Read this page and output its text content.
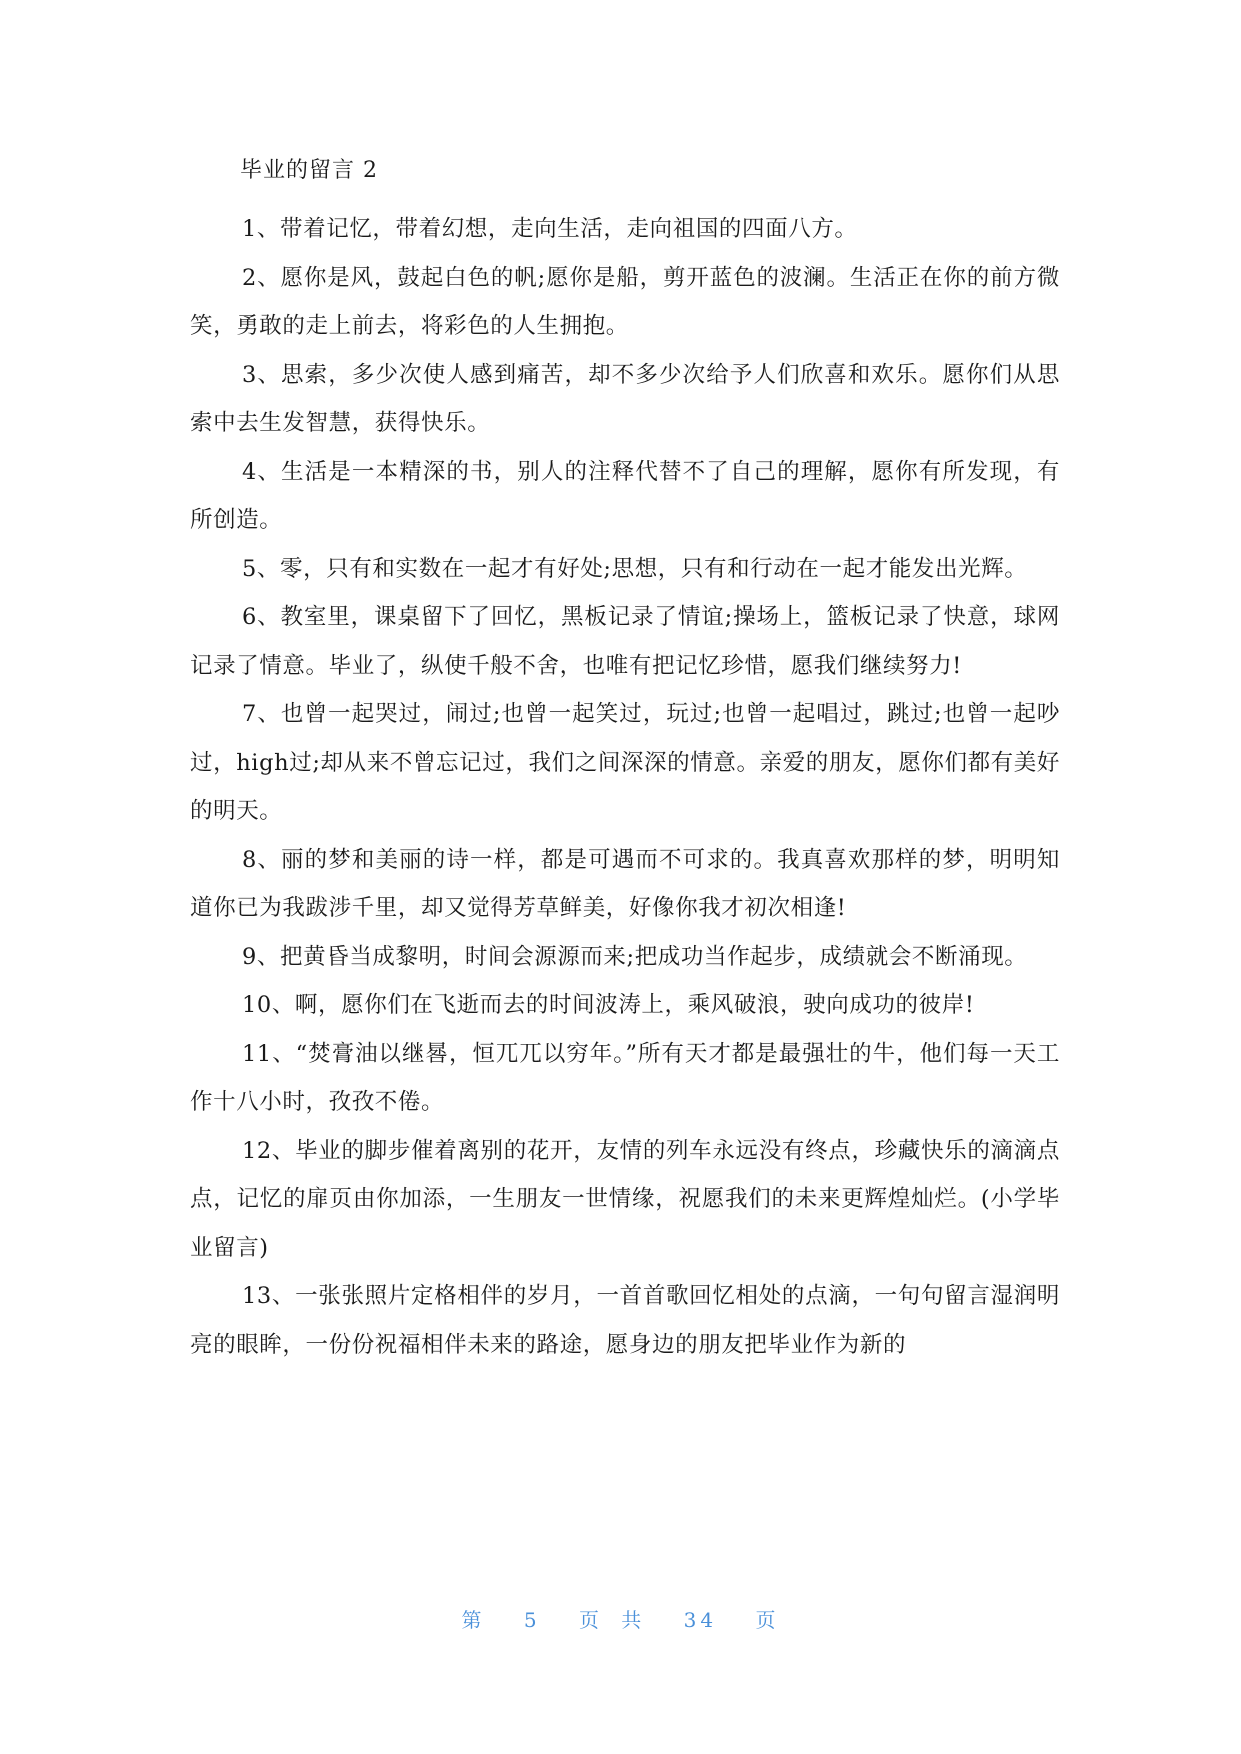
毕业的留言 2

1、带着记忆，带着幻想，走向生活，走向祖国的四面八方。

2、愿你是风，鼓起白色的帆;愿你是船，剪开蓝色的波澜。生活正在你的前方微笑，勇敢的走上前去，将彩色的人生拥抱。

3、思索，多少次使人感到痛苦，却不多少次给予人们欣喜和欢乐。愿你们从思索中去生发智慧，获得快乐。

4、生活是一本精深的书，别人的注释代替不了自己的理解，愿你有所发现，有所创造。

5、零，只有和实数在一起才有好处;思想，只有和行动在一起才能发出光辉。

6、教室里，课桌留下了回忆，黑板记录了情谊;操场上，篮板记录了快意，球网记录了情意。毕业了，纵使千般不舍，也唯有把记忆珍惜，愿我们继续努力!

7、也曾一起哭过，闹过;也曾一起笑过，玩过;也曾一起唱过，跳过;也曾一起吵过，high过;却从来不曾忘记过，我们之间深深的情意。亲爱的朋友，愿你们都有美好的明天。

8、丽的梦和美丽的诗一样，都是可遇而不可求的。我真喜欢那样的梦，明明知道你已为我跋涉千里，却又觉得芳草鲜美，好像你我才初次相逢!

9、把黄昏当成黎明，时间会源源而来;把成功当作起步，成绩就会不断涌现。

10、啊，愿你们在飞逝而去的时间波涛上，乘风破浪，驶向成功的彼岸!

11、“焚膏油以继晷，恒兀兀以穷年。”所有天才都是最强壮的牛，他们每一天工作十八小时，孜孜不倦。

12、毕业的脚步催着离别的花开，友情的列车永远没有终点，珍藏快乐的滴滴点点，记忆的扉页由你加添，一生朋友一世情缘，祝愿我们的未来更辉煌灿烂。(小学毕业留言)

13、一张张照片定格相伴的岁月，一首首歌回忆相处的点滴，一句句留言湿润明亮的眼眸，一份份祝福相伴未来的路途，愿身边的朋友把毕业作为新的

第 5 页 共 34 页
